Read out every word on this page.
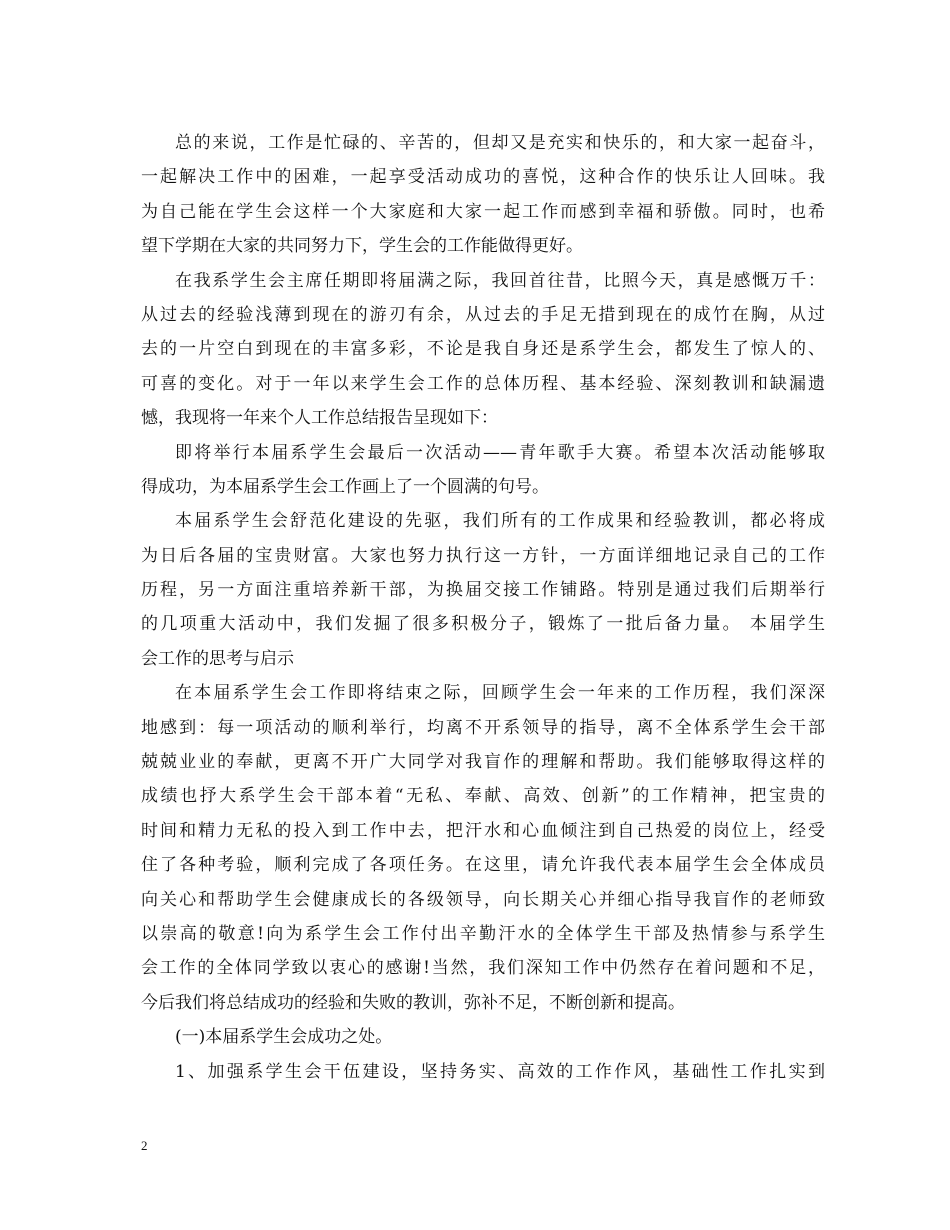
总的来说，工作是忙碌的、辛苦的，但却又是充实和快乐的，和大家一起奋斗，
一起解决工作中的困难，一起享受活动成功的喜悦，这种合作的快乐让人回味。我
为自己能在学生会这样一个大家庭和大家一起工作而感到幸福和骄傲。同时，也希
望下学期在大家的共同努力下，学生会的工作能做得更好。
在我系学生会主席任期即将届满之际，我回首往昔，比照今天，真是感慨万千：
从过去的经验浅薄到现在的游刃有余，从过去的手足无措到现在的成竹在胸，从过
去的一片空白到现在的丰富多彩，不论是我自身还是系学生会，都发生了惊人的、
可喜的变化。对于一年以来学生会工作的总体历程、基本经验、深刻教训和缺漏遗
憾，我现将一年来个人工作总结报告呈现如下：
即将举行本届系学生会最后一次活动——青年歌手大赛。希望本次活动能够取
得成功，为本届系学生会工作画上了一个圆满的句号。
本届系学生会舒范化建设的先驱，我们所有的工作成果和经验教训，都必将成
为日后各届的宝贵财富。大家也努力执行这一方针，一方面详细地记录自己的工作
历程，另一方面注重培养新干部，为换届交接工作铺路。特别是通过我们后期举行
的几项重大活动中，我们发掘了很多积极分子，锻炼了一批后备力量。 本届学生
会工作的思考与启示
在本届系学生会工作即将结束之际，回顾学生会一年来的工作历程，我们深深
地感到：每一项活动的顺利举行，均离不开系领导的指导，离不全体系学生会干部
兢兢业业的奉献，更离不开广大同学对我盲作的理解和帮助。我们能够取得这样的
成绩也抒大系学生会干部本着“无私、奉献、高效、创新”的工作精神，把宝贵的
时间和精力无私的投入到工作中去，把汗水和心血倾注到自己热爱的岗位上，经受
住了各种考验，顺利完成了各项任务。在这里，请允许我代表本届学生会全体成员
向关心和帮助学生会健康成长的各级领导，向长期关心并细心指导我盲作的老师致
以崇高的敬意!向为系学生会工作付出辛勤汗水的全体学生干部及热情参与系学生
会工作的全体同学致以衷心的感谢!当然，我们深知工作中仍然存在着问题和不足，
今后我们将总结成功的经验和失败的教训，弥补不足，不断创新和提高。
(一)本届系学生会成功之处。
1、加强系学生会干伍建设，坚持务实、高效的工作作风，基础性工作扎实到
2
